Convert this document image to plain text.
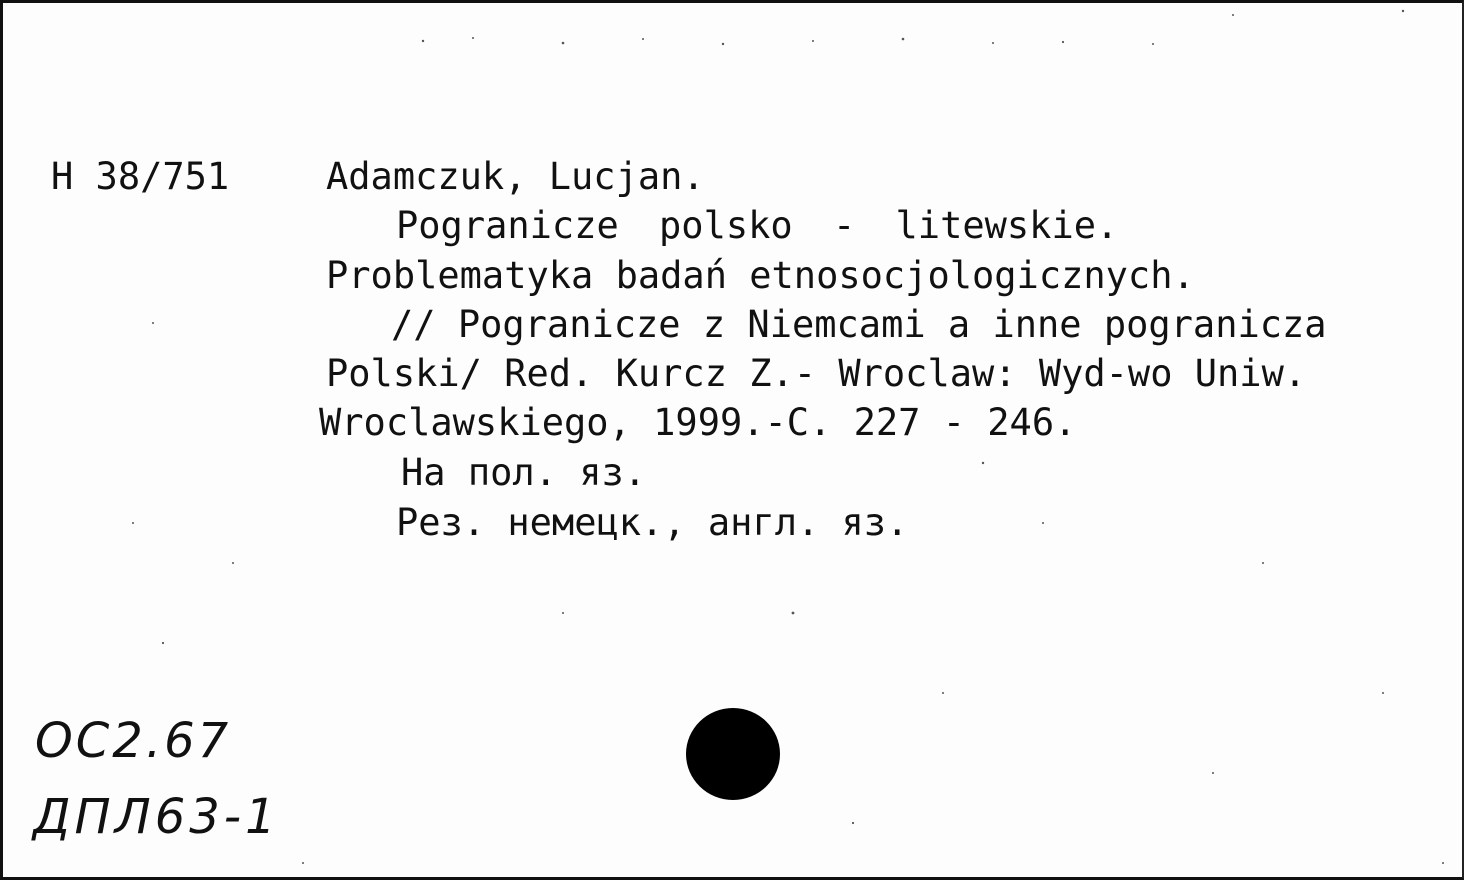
Н 38/751	Adamczuk, Lucjan.
Pogranicze polsko - litewskie.
Problematyka badań etnosocjologicznych.
// Pogranicze z Niemcami a inne pogranicza
Polski/ Red. Kurcz Z.- Wroclaw: Wyd-wo Uniw.
Wroclawskiego, 1999.-С. 227 - 246.
На пол. яз.
Рез. немецк., англ. яз.
ОС2.67
ДПЛ63-1
